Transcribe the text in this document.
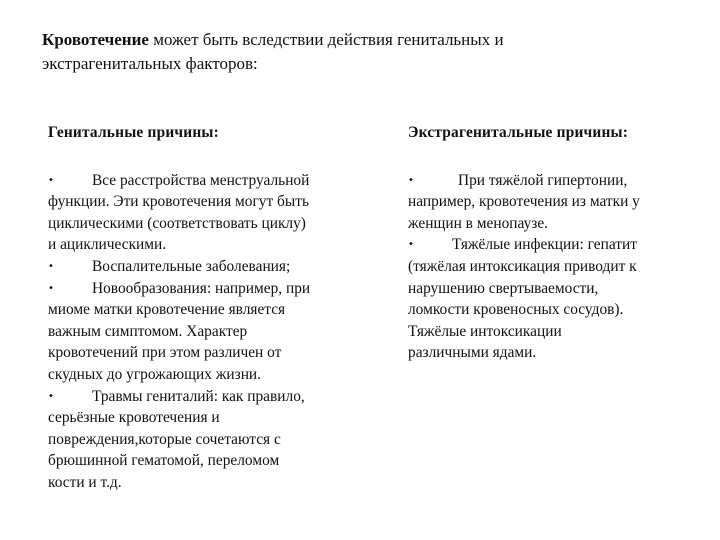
Кровотечение может быть вследствии действия генитальных и
экстрагенитальных факторов:
Генитальные причины:
• Все расстройства менструальной
функции. Эти кровотечения могут быть
циклическими (соответствовать циклу)
и ациклическими.
• Воспалительные заболевания;
• Новообразования: например, при
миоме матки кровотечение является
важным симптомом. Характер
кровотечений при этом различен от
скудных до угрожающих жизни.
• Травмы гениталий: как правило,
серьёзные кровотечения и
повреждения,которые сочетаются с
брюшинной гематомой, переломом
кости и т.д.
Экстрагенитальные причины:
•	При тяжёлой гипертонии,
например, кровотечения из матки у
женщин в менопаузе.
• Тяжёлые инфекции: гепатит
(тяжёлая интоксикация приводит к
нарушению свертываемости,
ломкости кровеносных сосудов).
Тяжёлые интоксикации
различными ядами.
